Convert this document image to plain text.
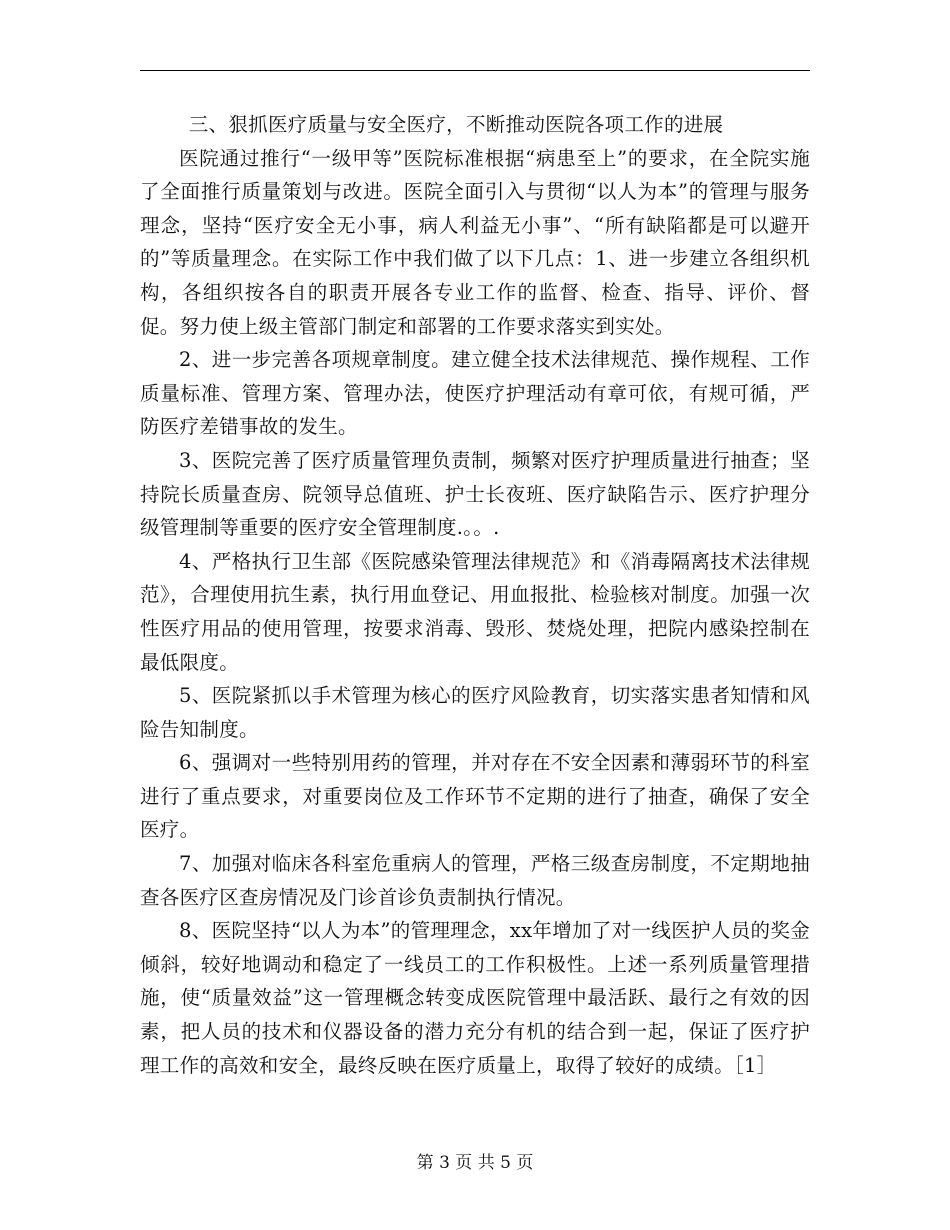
三、狠抓医疗质量与安全医疗，不断推动医院各项工作的进展

医院通过推行“一级甲等”医院标准根据“病患至上”的要求，在全院实施了全面推行质量策划与改进。医院全面引入与贯彻“以人为本”的管理与服务理念，坚持“医疗安全无小事，病人利益无小事”、“所有缺陷都是可以避开的”等质量理念。在实际工作中我们做了以下几点：1、进一步建立各组织机构，各组织按各自的职责开展各专业工作的监督、检查、指导、评价、督促。努力使上级主管部门制定和部署的工作要求落实到实处。

2、进一步完善各项规章制度。建立健全技术法律规范、操作规程、工作质量标准、管理方案、管理办法，使医疗护理活动有章可依，有规可循，严防医疗差错事故的发生。

3、医院完善了医疗质量管理负责制，频繁对医疗护理质量进行抽查；坚持院长质量查房、院领导总值班、护士长夜班、医疗缺陷告示、医疗护理分级管理制等重要的医疗安全管理制度.。。.

4、严格执行卫生部《医院感染管理法律规范》和《消毒隔离技术法律规范》，合理使用抗生素，执行用血登记、用血报批、检验核对制度。加强一次性医疗用品的使用管理，按要求消毒、毁形、焚烧处理，把院内感染控制在最低限度。

5、医院紧抓以手术管理为核心的医疗风险教育，切实落实患者知情和风险告知制度。

6、强调对一些特别用药的管理，并对存在不安全因素和薄弱环节的科室进行了重点要求，对重要岗位及工作环节不定期的进行了抽查，确保了安全医疗。

7、加强对临床各科室危重病人的管理，严格三级查房制度，不定期地抽查各医疗区查房情况及门诊首诊负责制执行情况。

8、医院坚持“以人为本”的管理理念，xx年增加了对一线医护人员的奖金倾斜，较好地调动和稳定了一线员工的工作积极性。上述一系列质量管理措施，使“质量效益”这一管理概念转变成医院管理中最活跃、最行之有效的因素，把人员的技术和仪器设备的潜力充分有机的结合到一起，保证了医疗护理工作的高效和安全，最终反映在医疗质量上，取得了较好的成绩。［1］

第 3 页 共 5 页
